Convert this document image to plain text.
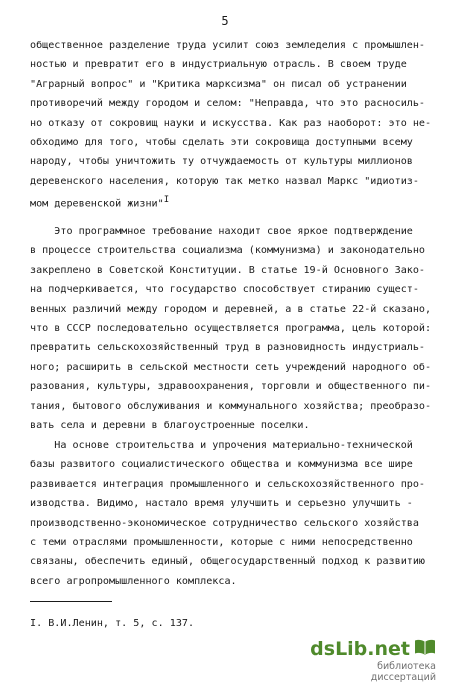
5
общественное разделение труда усилит союз земледелия с промышлен-
ностью и превратит его в индустриальную отрасль. В своем труде
"Аграрный вопрос" и "Критика марксизма" он писал об устранении
противоречий между городом и селом: "Неправда, что это расносиль-
но отказу от сокровищ науки и искусства. Как раз наоборот: это не-
обходимо для того, чтобы сделать эти сокровища доступными всему
народу, чтобы уничтожить ту отчуждаемость от культуры миллионов
деревенского населения, которую так метко назвал Маркс "идиотиз-
мом деревенской жизни"$^I$
Это программное требование находит свое яркое подтверждение
в процессе строительства социализма (коммунизма) и законодательно
закреплено в Советской Конституции. В статье 19-й Основного Зако-
на подчеркивается, что государство способствует стиранию сущест-
венных различий между городом и деревней, а в статье 22-й сказано,
что в СССР последовательно осуществляется программа, цель которой:
превратить сельскохозяйственный труд в разновидность индустриаль-
ного; расширить в сельской местности сеть учреждений народного об-
разования, культуры, здравоохранения, торговли и общественного пи-
тания, бытового обслуживания и коммунального хозяйства; преобразо-
вать села и деревни в благоустроенные поселки.
На основе строительства и упрочения материально-технической
базы развитого социалистического общества и коммунизма все шире
развивается интеграция промышленного и сельскохозяйственного про-
изводства. Видимо, настало время улучшить и серьезно улучшить -
производственно-экономическое сотрудничество сельского хозяйства
с теми отраслями промышленности, которые с ними непосредственно
связаны, обеспечить единый, общегосударственный подход к развитию
всего агропромышленного комплекса.
I. В.И.Ленин, т. 5, с. 137.
dsLib.net
библиотека диссертаций
